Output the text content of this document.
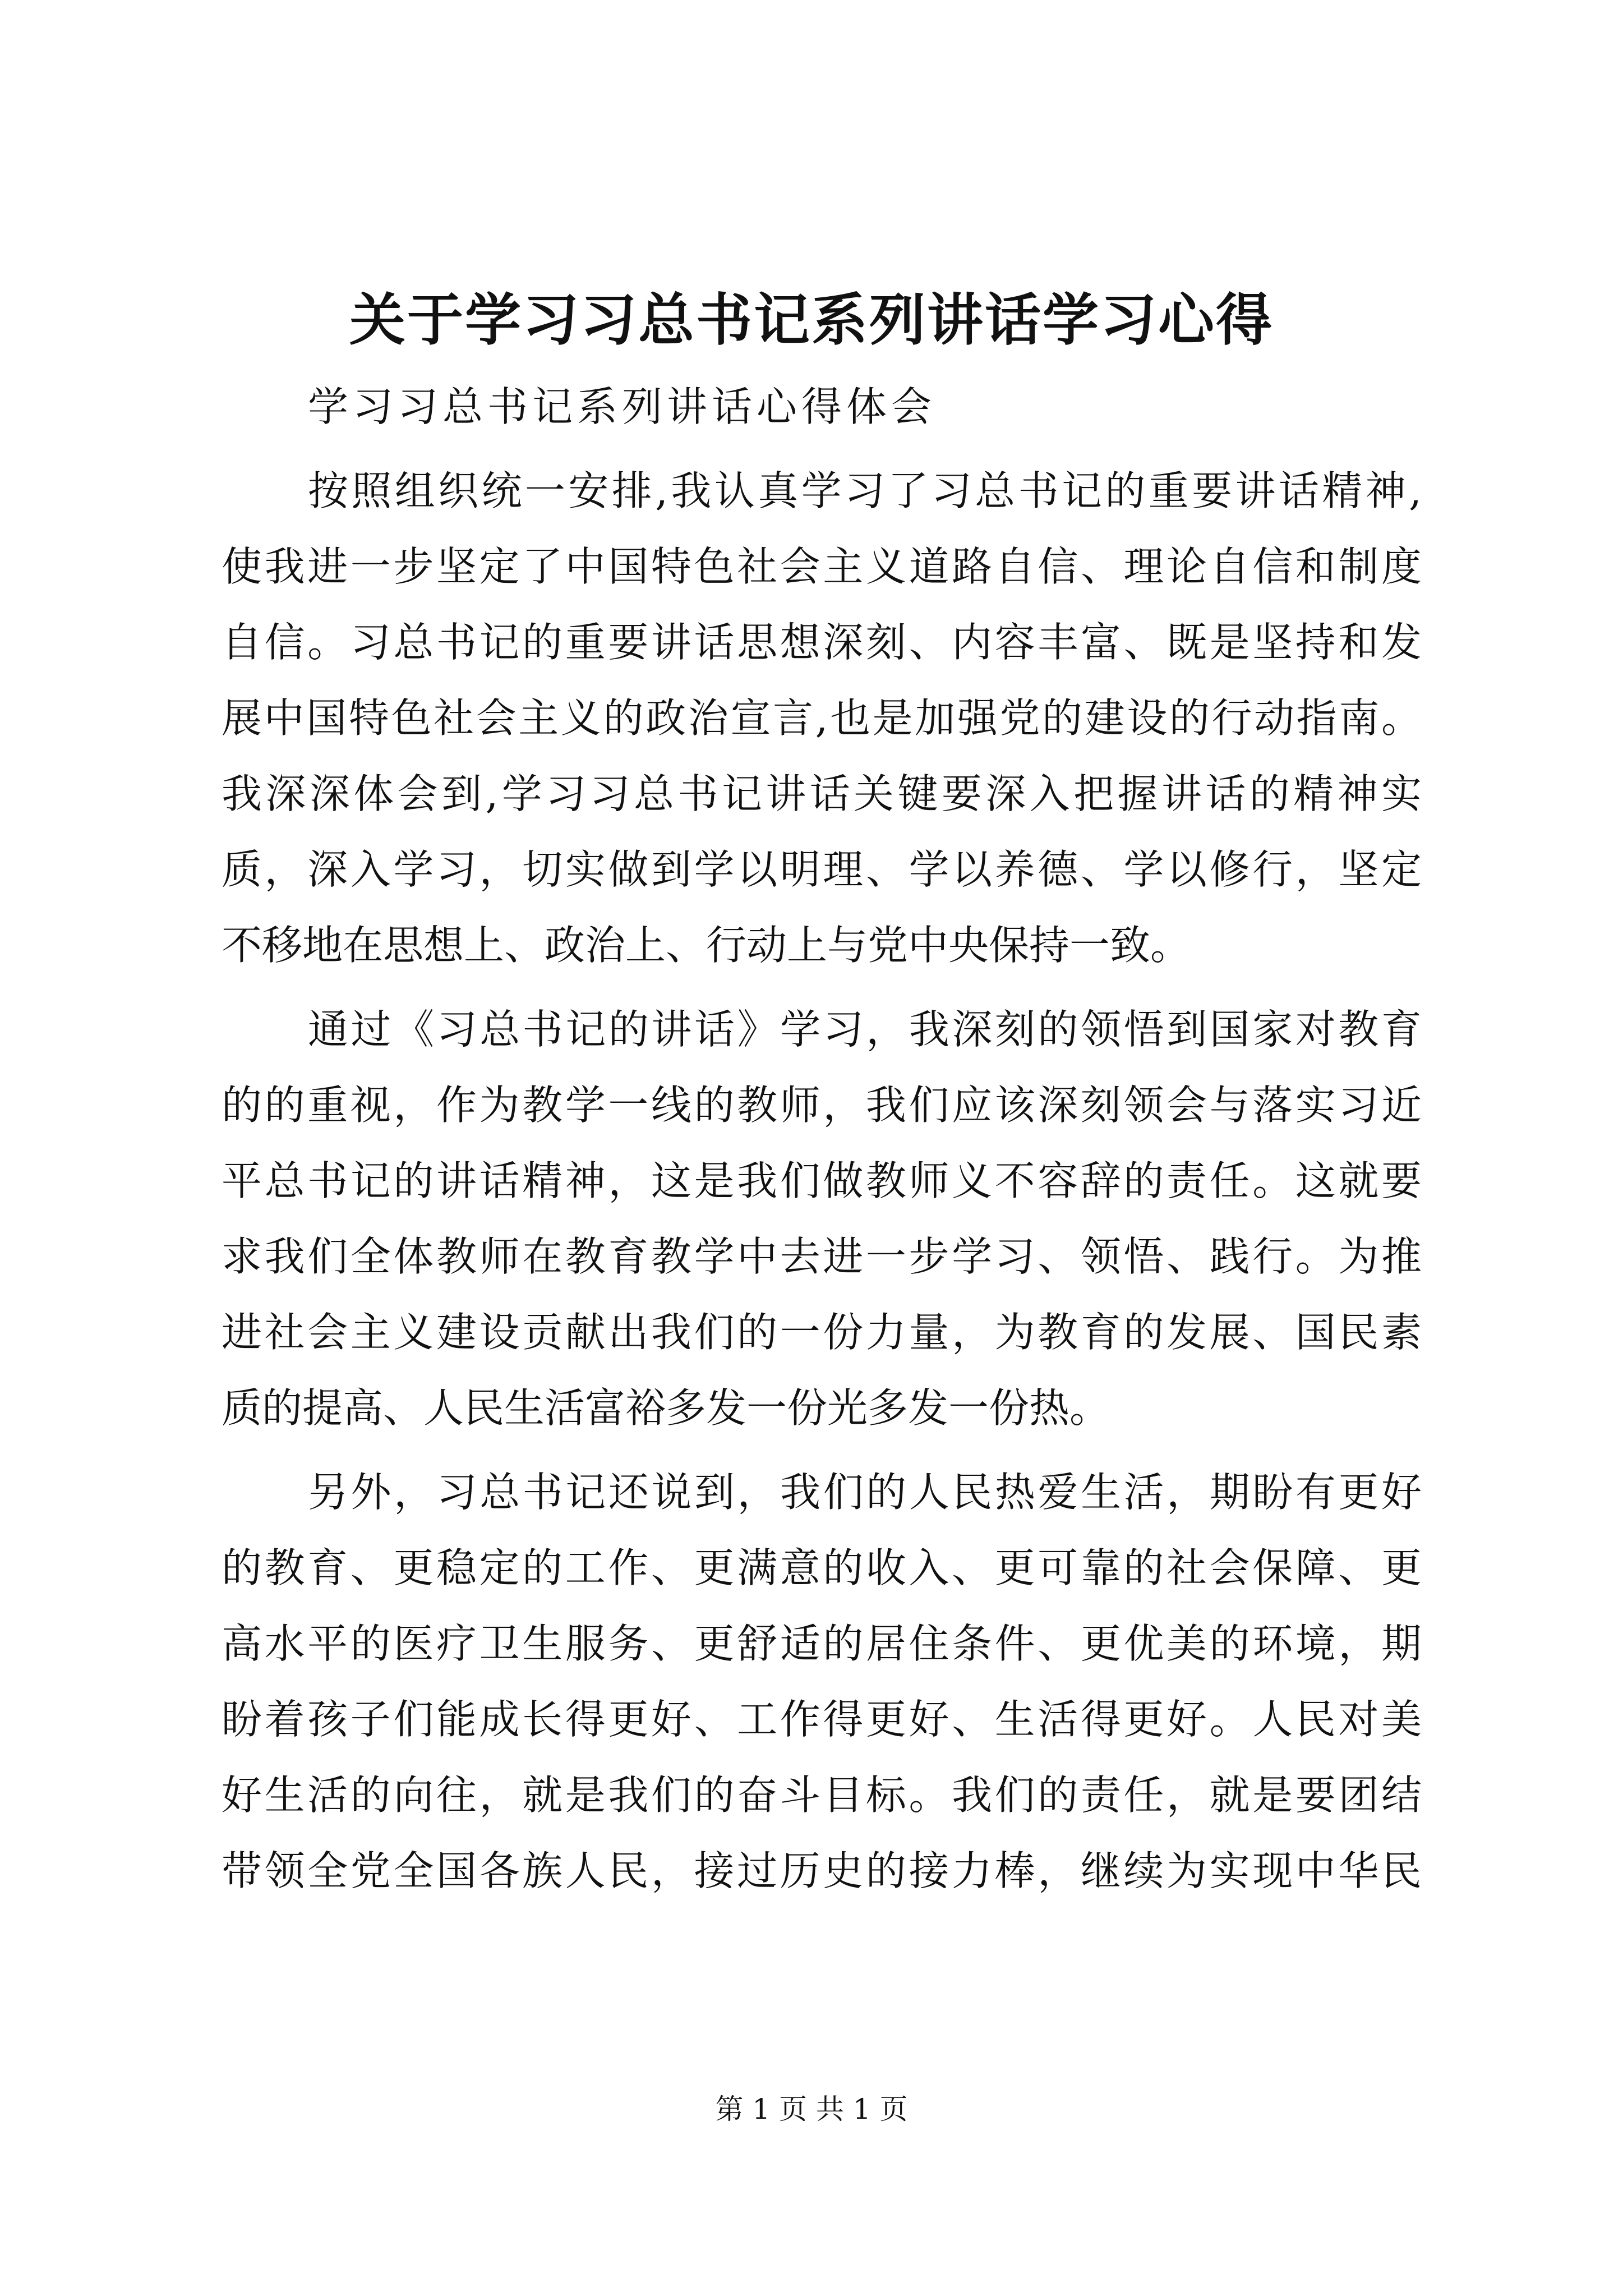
关于学习习总书记系列讲话学习心得

学习习总书记系列讲话心得体会

按照组织统一安排,我认真学习了习总书记的重要讲话精神,

使我进一步坚定了中国特色社会主义道路自信、理论自信和制度

自信。习总书记的重要讲话思想深刻、内容丰富、既是坚持和发

展中国特色社会主义的政治宣言,也是加强党的建设的行动指南。

我深深体会到,学习习总书记讲话关键要深入把握讲话的精神实

质，深入学习，切实做到学以明理、学以养德、学以修行，坚定

不移地在思想上、政治上、行动上与党中央保持一致。

通过《习总书记的讲话》学习，我深刻的领悟到国家对教育

的的重视，作为教学一线的教师，我们应该深刻领会与落实习近

平总书记的讲话精神，这是我们做教师义不容辞的责任。这就要

求我们全体教师在教育教学中去进一步学习、领悟、践行。为推

进社会主义建设贡献出我们的一份力量，为教育的发展、国民素

质的提高、人民生活富裕多发一份光多发一份热。

另外，习总书记还说到，我们的人民热爱生活，期盼有更好

的教育、更稳定的工作、更满意的收入、更可靠的社会保障、更

高水平的医疗卫生服务、更舒适的居住条件、更优美的环境，期

盼着孩子们能成长得更好、工作得更好、生活得更好。人民对美

好生活的向往，就是我们的奋斗目标。我们的责任，就是要团结

带领全党全国各族人民，接过历史的接力棒，继续为实现中华民

第 1 页 共 1 页
